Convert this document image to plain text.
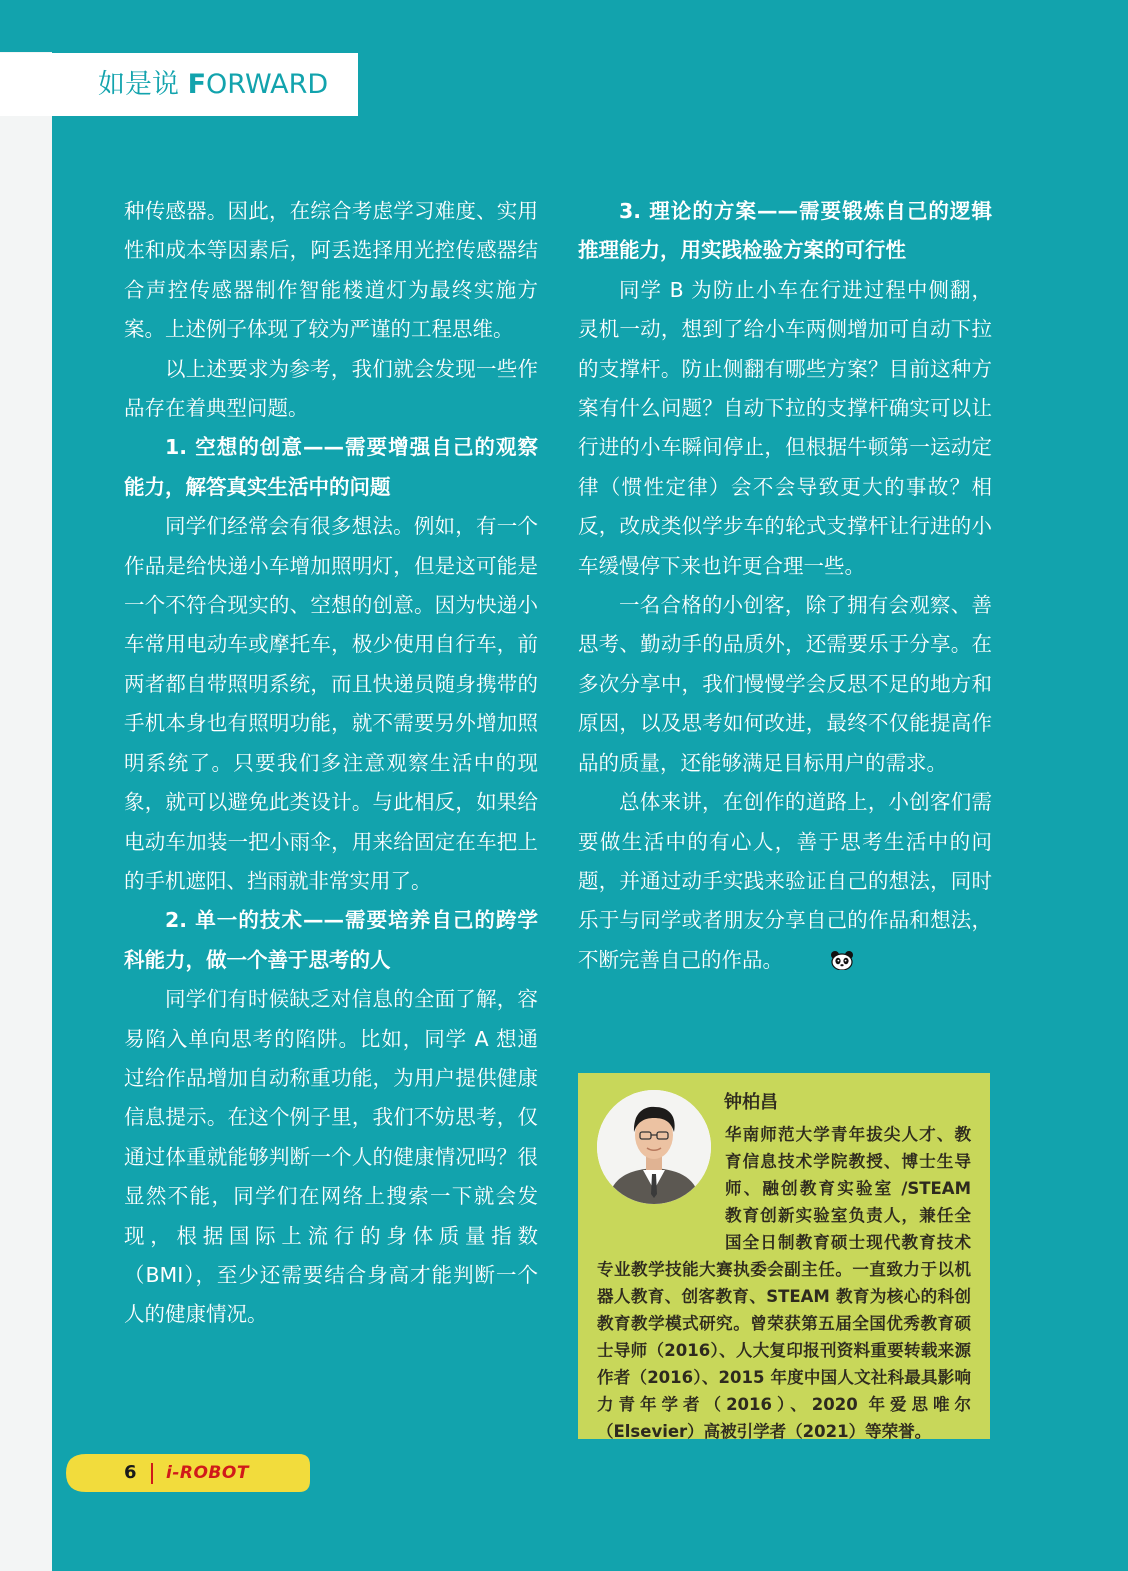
如是说 FORWARD

种传感器。因此，在综合考虑学习难度、实用性和成本等因素后，阿丢选择用光控传感器结合声控传感器制作智能楼道灯为最终实施方案。上述例子体现了较为严谨的工程思维。

以上述要求为参考，我们就会发现一些作品存在着典型问题。

1. 空想的创意——需要增强自己的观察能力，解答真实生活中的问题

同学们经常会有很多想法。例如，有一个作品是给快递小车增加照明灯，但是这可能是一个不符合现实的、空想的创意。因为快递小车常用电动车或摩托车，极少使用自行车，前两者都自带照明系统，而且快递员随身携带的手机本身也有照明功能，就不需要另外增加照明系统了。只要我们多注意观察生活中的现象，就可以避免此类设计。与此相反，如果给电动车加装一把小雨伞，用来给固定在车把上的手机遮阳、挡雨就非常实用了。

2. 单一的技术——需要培养自己的跨学科能力，做一个善于思考的人

同学们有时候缺乏对信息的全面了解，容易陷入单向思考的陷阱。比如，同学 A 想通过给作品增加自动称重功能，为用户提供健康信息提示。在这个例子里，我们不妨思考，仅通过体重就能够判断一个人的健康情况吗？很显然不能，同学们在网络上搜索一下就会发现，根据国际上流行的身体质量指数（BMI），至少还需要结合身高才能判断一个人的健康情况。

3. 理论的方案——需要锻炼自己的逻辑推理能力，用实践检验方案的可行性

同学 B 为防止小车在行进过程中侧翻，灵机一动，想到了给小车两侧增加可自动下拉的支撑杆。防止侧翻有哪些方案？目前这种方案有什么问题？自动下拉的支撑杆确实可以让行进的小车瞬间停止，但根据牛顿第一运动定律（惯性定律）会不会导致更大的事故？相反，改成类似学步车的轮式支撑杆让行进的小车缓慢停下来也许更合理一些。

一名合格的小创客，除了拥有会观察、善思考、勤动手的品质外，还需要乐于分享。在多次分享中，我们慢慢学会反思不足的地方和原因，以及思考如何改进，最终不仅能提高作品的质量，还能够满足目标用户的需求。

总体来讲，在创作的道路上，小创客们需要做生活中的有心人，善于思考生活中的问题，并通过动手实践来验证自己的想法，同时乐于与同学或者朋友分享自己的作品和想法，不断完善自己的作品。

钟柏昌
华南师范大学青年拔尖人才、教育信息技术学院教授、博士生导师、融创教育实验室 /STEAM 教育创新实验室负责人，兼任全国全日制教育硕士现代教育技术专业教学技能大赛执委会副主任。一直致力于以机器人教育、创客教育、STEAM 教育为核心的科创教育教学模式研究。曾荣获第五届全国优秀教育硕士导师（2016）、人大复印报刊资料重要转载来源作者（2016）、2015 年度中国人文社科最具影响力青年学者（2016）、2020 年爱思唯尔（Elsevier）高被引学者（2021）等荣誉。
6 i-ROBOT
